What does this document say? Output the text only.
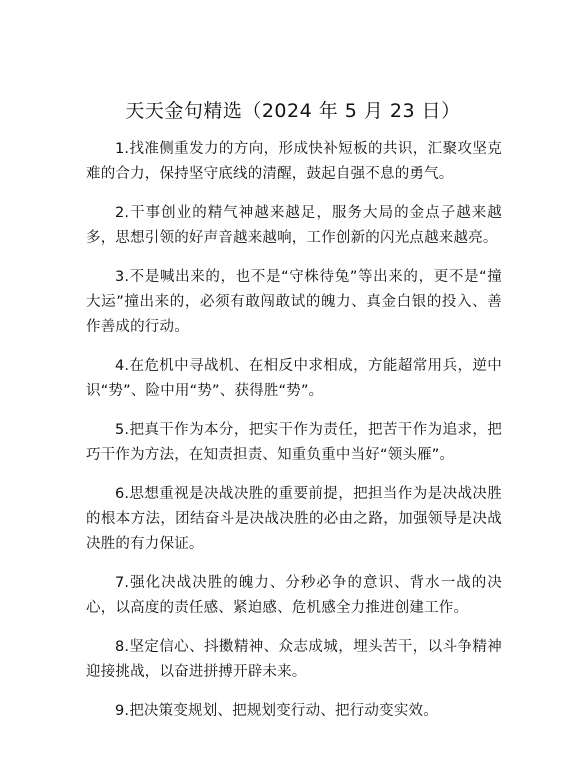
天天金句精选（2024 年 5 月 23 日）

1.找准侧重发力的方向，形成快补短板的共识，汇聚攻坚克难的合力，保持坚守底线的清醒，鼓起自强不息的勇气。

2.干事创业的精气神越来越足，服务大局的金点子越来越多，思想引领的好声音越来越响，工作创新的闪光点越来越亮。

3.不是喊出来的，也不是“守株待兔”等出来的，更不是“撞大运”撞出来的，必须有敢闯敢试的魄力、真金白银的投入、善作善成的行动。

4.在危机中寻战机、在相反中求相成，方能超常用兵，逆中识“势”、险中用“势”、获得胜“势”。

5.把真干作为本分，把实干作为责任，把苦干作为追求，把巧干作为方法，在知责担责、知重负重中当好“领头雁”。

6.思想重视是决战决胜的重要前提，把担当作为是决战决胜的根本方法，团结奋斗是决战决胜的必由之路，加强领导是决战决胜的有力保证。

7.强化决战决胜的魄力、分秒必争的意识、背水一战的决心，以高度的责任感、紧迫感、危机感全力推进创建工作。

8.坚定信心、抖擞精神、众志成城，埋头苦干，以斗争精神迎接挑战，以奋进拼搏开辟未来。

9.把决策变规划、把规划变行动、把行动变实效。
